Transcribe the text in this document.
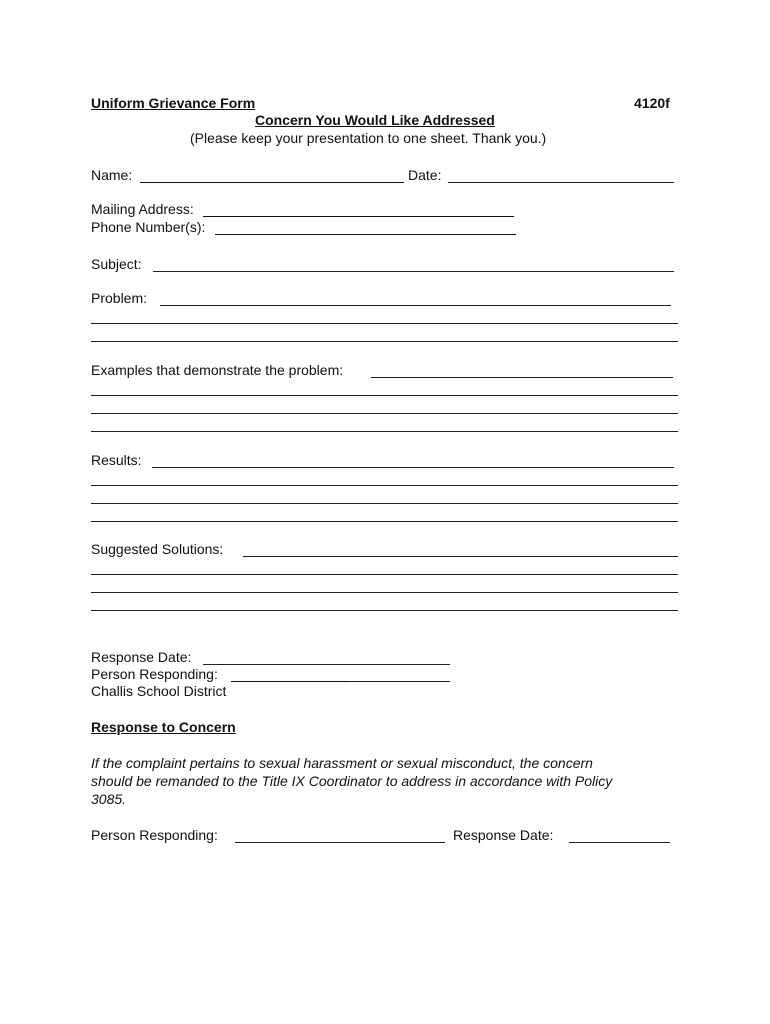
Uniform Grievance Form	4120f
Concern You Would Like Addressed
(Please keep your presentation to one sheet. Thank you.)
Name:	Date:
Mailing Address:
Phone Number(s):
Subject:
Problem:
Examples that demonstrate the problem:
Results:
Suggested Solutions:
Response Date:
Person Responding:
Challis School District
Response to Concern
If the complaint pertains to sexual harassment or sexual misconduct, the concern
should be remanded to the Title IX Coordinator to address in accordance with Policy
3085.
Person Responding:	Response Date:
